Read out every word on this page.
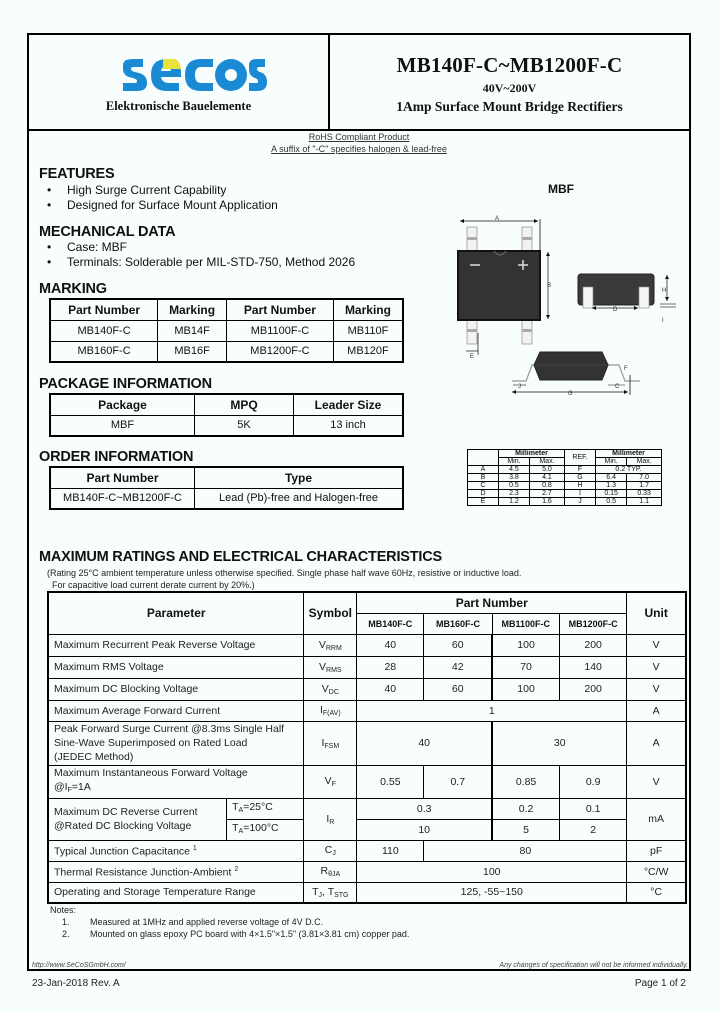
Elektronische Bauelemente
MB140F-C~MB1200F-C
40V~200V
1Amp Surface Mount Bridge Rectifiers
RoHS Compliant Product
A suffix of "-C" specifies halogen & lead-free
FEATURES
• High Surge Current Capability
• Designed for Surface Mount Application
MECHANICAL DATA
• Case: MBF
• Terminals: Solderable per MIL-STD-750, Method 2026
MARKING
Part Number	Marking	Part Number	Marking
MB140F-C	MB14F	MB1100F-C	MB110F
MB160F-C	MB16F	MB1200F-C	MB120F
PACKAGE INFORMATION
Package	MPQ	Leader Size
MBF	5K	13 inch
ORDER INFORMATION
Part Number	Type
MB140F-C~MB1200F-C	Lead (Pb)-free and Halogen-free
MBF
A
B
E
D
H
I
G
J	C
F
	Millimeter		REF.	Millimeter	
	Min.	Max.		Min.	Max.
A	4.5	5.0	F	0.2 TYP.	
B	3.8	4.1	G	6.4	7.0
C	0.5	0.8	H	1.3	1.7
D	2.3	2.7	I	0.15	0.33
E	1.2	1.6	J	0.5	1.1
MAXIMUM RATINGS AND ELECTRICAL CHARACTERISTICS
(Rating 25°C ambient temperature unless otherwise specified. Single phase half wave 60Hz, resistive or inductive load.
For capacitive load current derate current by 20%.)
Parameter		Symbol	Part Number				Unit
			MB140F-C	MB160F-C	MB1100F-C	MB1200F-C	
Maximum Recurrent Peak Reverse Voltage		$V_{RRM}$	40	60	100	200	V
Maximum RMS Voltage		$V_{RMS}$	28	42	70	140	V
Maximum DC Blocking Voltage		$V_{DC}$	40	60	100	200	V
Maximum Average Forward Current		$I_{F(AV)}$	1				A
Peak Forward Surge Current @8.3ms Single Half
Sine-Wave Superimposed on Rated Load
(JEDEC Method)		$I_{FSM}$	40		30		A
Maximum Instantaneous Forward Voltage
$@I_F=1A$		$V_F$	0.55	0.7	0.85	0.9	V
Maximum DC Reverse Current
@Rated DC Blocking Voltage	$T_A=25^\circ C$	$I_R$	0.3		0.2	0.1	mA
	$T_A=100^\circ C$		10		5	2	
Typical Junction Capacitance $^1$		$C_J$	110	80			pF
Thermal Resistance Junction-Ambient $^2$		$R_{\theta JA}$	100				°C/W
Operating and Storage Temperature Range		$T_J$, $T_{STG}$	125, -55~150				°C
Notes:
1. Measured at 1MHz and applied reverse voltage of 4V D.C.
2. Mounted on glass epoxy PC board with 4×1.5"×1.5" (3.81×3.81 cm) copper pad.
http://www.SeCoSGmbH.com/	Any changes of specification will not be informed individually.
23-Jan-2018 Rev. A	Page 1 of 2
